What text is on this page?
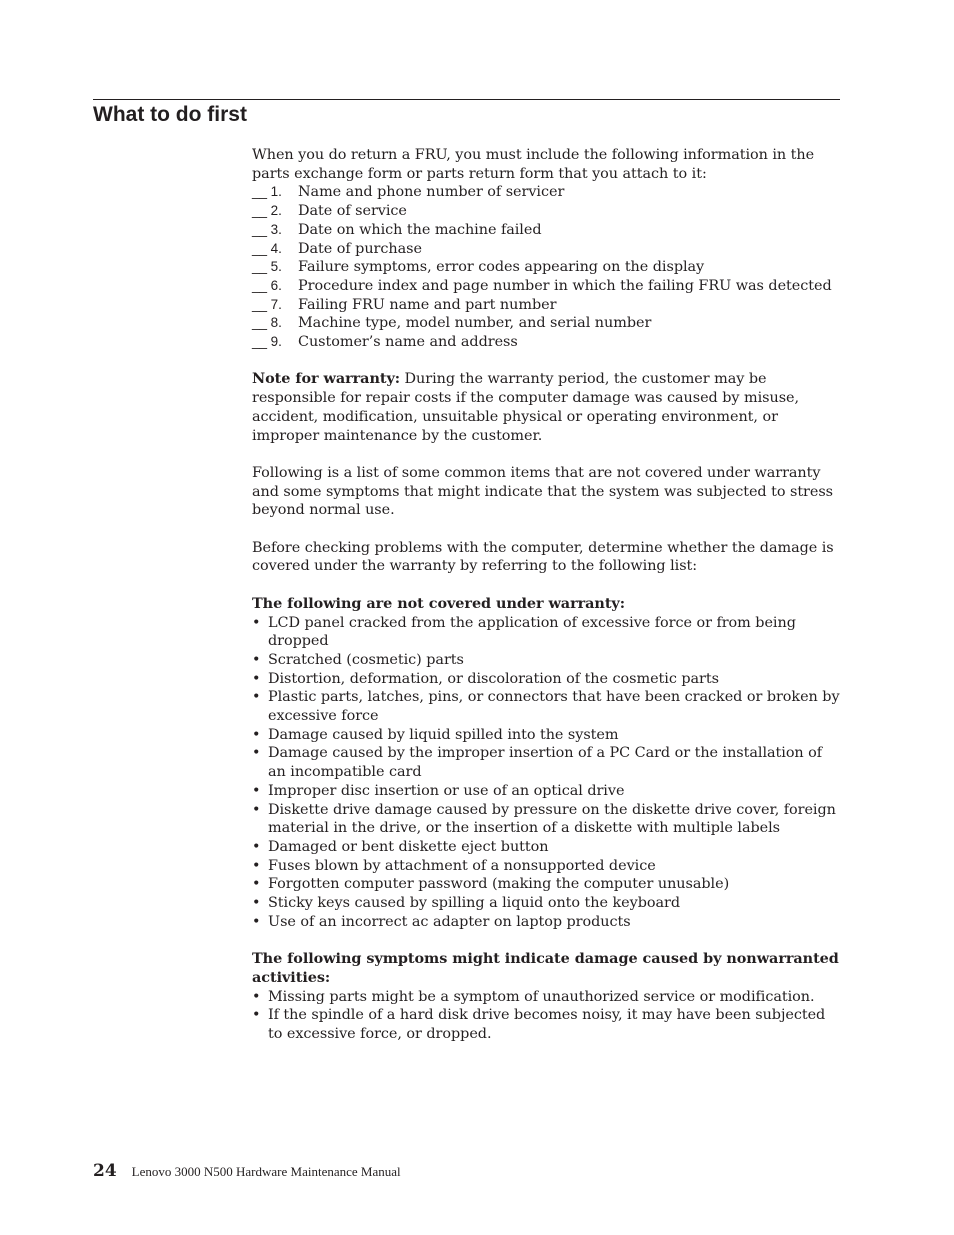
What to do first

When you do return a FRU, you must include the following information in the parts exchange form or parts return form that you attach to it:

__ 1.	Name and phone number of servicer
__ 2.	Date of service
__ 3.	Date on which the machine failed
__ 4.	Date of purchase
__ 5.	Failure symptoms, error codes appearing on the display
__ 6.	Procedure index and page number in which the failing FRU was detected
__ 7.	Failing FRU name and part number
__ 8.	Machine type, model number, and serial number
__ 9.	Customer’s name and address

Note for warranty: During the warranty period, the customer may be responsible for repair costs if the computer damage was caused by misuse, accident, modification, unsuitable physical or operating environment, or improper maintenance by the customer.

Following is a list of some common items that are not covered under warranty and some symptoms that might indicate that the system was subjected to stress beyond normal use.

Before checking problems with the computer, determine whether the damage is covered under the warranty by referring to the following list:

The following are not covered under warranty:

• LCD panel cracked from the application of excessive force or from being dropped
• Scratched (cosmetic) parts
• Distortion, deformation, or discoloration of the cosmetic parts
• Plastic parts, latches, pins, or connectors that have been cracked or broken by excessive force
• Damage caused by liquid spilled into the system
• Damage caused by the improper insertion of a PC Card or the installation of an incompatible card
• Improper disc insertion or use of an optical drive
• Diskette drive damage caused by pressure on the diskette drive cover, foreign material in the drive, or the insertion of a diskette with multiple labels
• Damaged or bent diskette eject button
• Fuses blown by attachment of a nonsupported device
• Forgotten computer password (making the computer unusable)
• Sticky keys caused by spilling a liquid onto the keyboard
• Use of an incorrect ac adapter on laptop products

The following symptoms might indicate damage caused by nonwarranted activities:

• Missing parts might be a symptom of unauthorized service or modification.
• If the spindle of a hard disk drive becomes noisy, it may have been subjected to excessive force, or dropped.
24 Lenovo 3000 N500 Hardware Maintenance Manual
